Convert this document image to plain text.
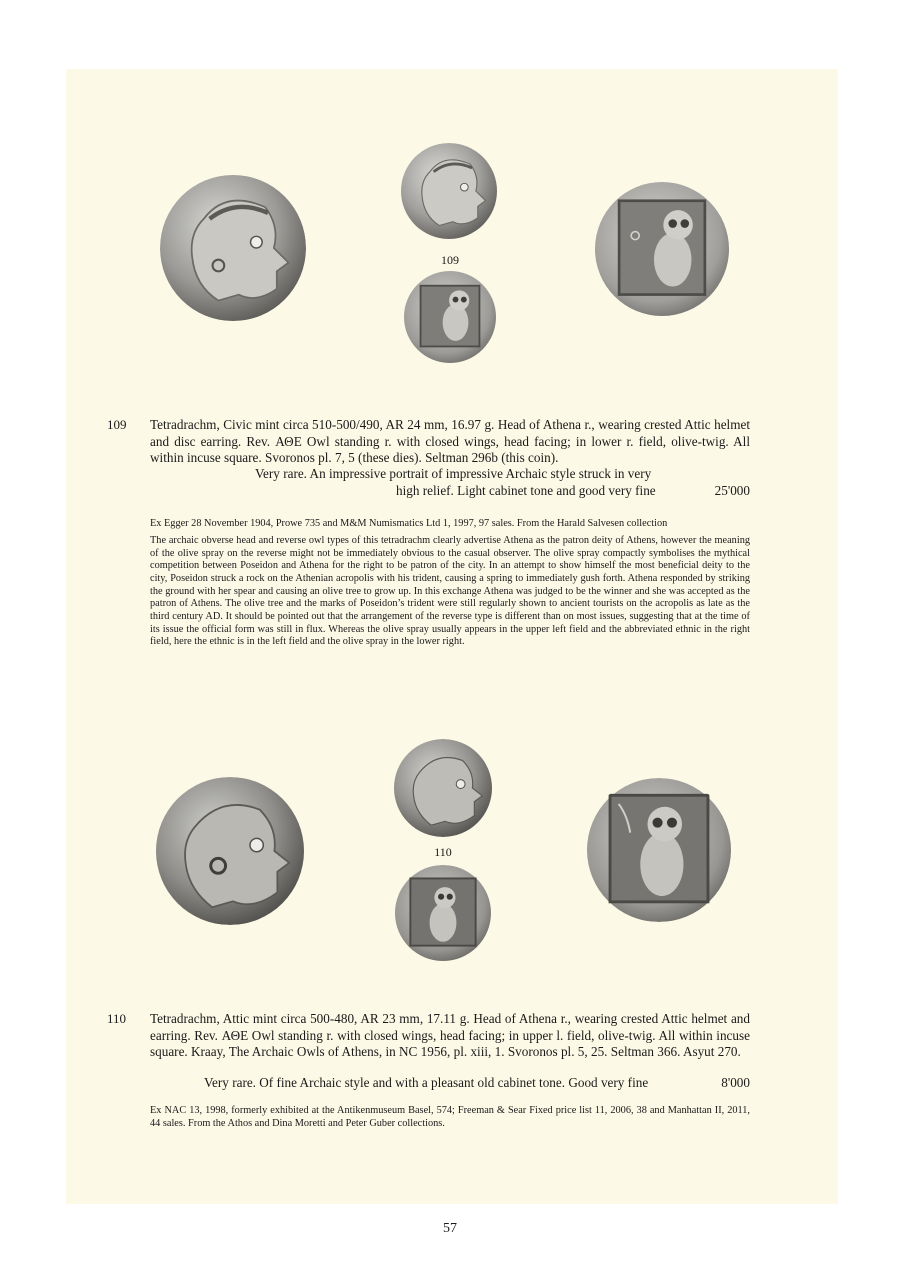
109
109 Tetradrachm, Civic mint circa 510-500/490, AR 24 mm, 16.97 g. Head of Athena r., wearing crested Attic helmet and disc earring. Rev. ΑΘΕ Owl standing r. with closed wings, head facing; in lower r. field, olive-twig. All within incuse square. Svoronos pl. 7, 5 (these dies). Seltman 296b (this coin).

Very rare. An impressive portrait of impressive Archaic style struck in very
high relief. Light cabinet tone and good very fine	25'000

Ex Egger 28 November 1904, Prowe 735 and M&M Numismatics Ltd 1, 1997, 97 sales. From the Harald Salvesen collection

The archaic obverse head and reverse owl types of this tetradrachm clearly advertise Athena as the patron deity of Athens, however the meaning of the olive spray on the reverse might not be immediately obvious to the casual observer. The olive spray compactly symbolises the mythical competition between Poseidon and Athena for the right to be patron of the city. In an attempt to show himself the most beneficial deity to the city, Poseidon struck a rock on the Athenian acropolis with his trident, causing a spring to immediately gush forth. Athena responded by striking the ground with her spear and causing an olive tree to grow up. In this exchange Athena was judged to be the winner and she was accepted as the patron of Athens. The olive tree and the marks of Poseidon’s trident were still regularly shown to ancient tourists on the acropolis as late as the third century AD. It should be pointed out that the arrangement of the reverse type is different than on most issues, suggesting that at the time of its issue the official form was still in flux. Whereas the olive spray usually appears in the upper left field and the abbreviated ethnic in the right field, here the ethnic is in the left field and the olive spray in the lower right.

110
110 Tetradrachm, Attic mint circa 500-480, AR 23 mm, 17.11 g. Head of Athena r., wearing crested Attic helmet and earring. Rev. ΑΘΕ Owl standing r. with closed wings, head facing; in upper l. field, olive-twig. All within incuse square. Kraay, The Archaic Owls of Athens, in NC 1956, pl. xiii, 1. Svoronos pl. 5, 25. Seltman 366. Asyut 270.

Very rare. Of fine Archaic style and with a pleasant old cabinet tone. Good very fine	8'000

Ex NAC 13, 1998, formerly exhibited at the Antikenmuseum Basel, 574; Freeman & Sear Fixed price list 11, 2006, 38 and Manhattan II, 2011, 44 sales. From the Athos and Dina Moretti and Peter Guber collections.

57
